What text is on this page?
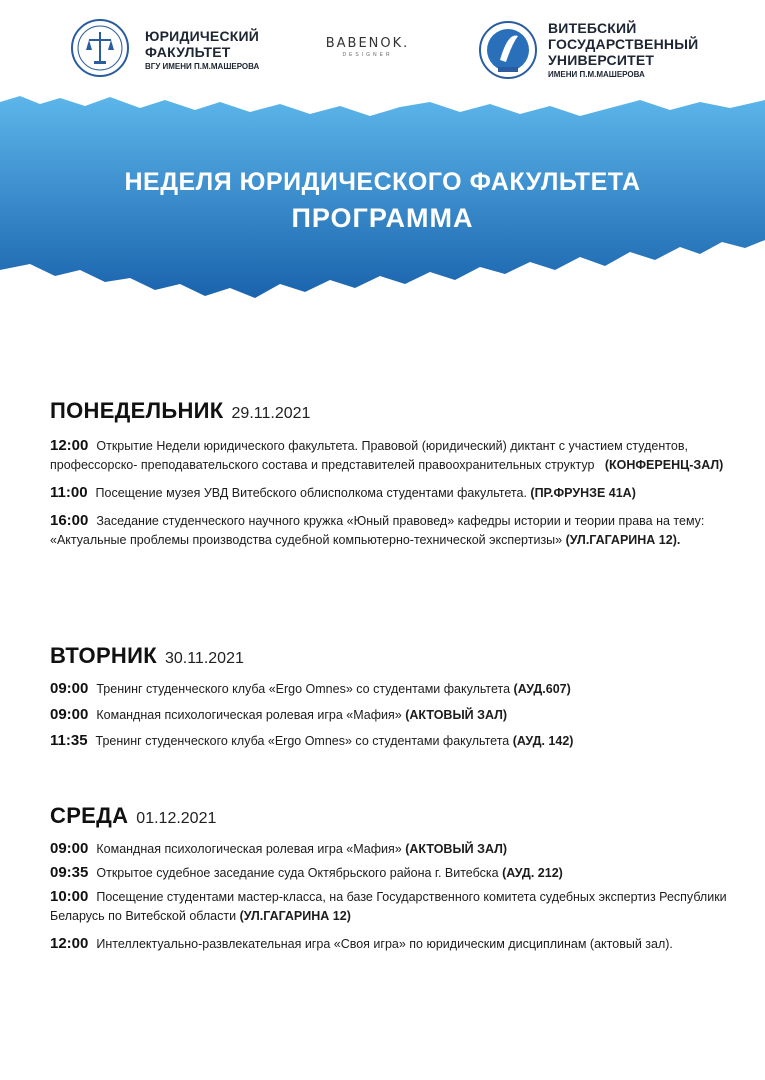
ЮРИДИЧЕСКИЙ
ФАКУЛЬТЕТ
ВГУ ИМЕНИ П.М.МАШЕРОВА
BABENOK.
DESIGNER
ВИТЕБСКИЙ
ГОСУДАРСТВЕННЫЙ
УНИВЕРСИТЕТ
ИМЕНИ П.М.МАШЕРОВА
НЕДЕЛЯ ЮРИДИЧЕСКОГО ФАКУЛЬТЕТА
ПРОГРАММА
ПОНЕДЕЛЬНИК 29.11.2021
12:00 Открытие Недели юридического факультета. Правовой (юридический) диктант с участием студентов, профессорско- преподавательского состава и представителей правоохранительных структур (КОНФЕРЕНЦ-ЗАЛ)
11:00 Посещение музея УВД Витебского облисполкома студентами факультета. (ПР.ФРУНЗЕ 41А)
16:00 Заседание студенческого научного кружка «Юный правовед» кафедры истории и теории права на тему: «Актуальные проблемы производства судебной компьютерно-технической экспертизы» (УЛ.ГАГАРИНА 12).
ВТОРНИК 30.11.2021
09:00 Тренинг студенческого клуба «Ergo Omnes» со студентами факультета (АУД.607)
09:00 Командная психологическая ролевая игра «Мафия» (АКТОВЫЙ ЗАЛ)
11:35 Тренинг студенческого клуба «Ergo Omnes» со студентами факультета (АУД. 142)
СРЕДА 01.12.2021
09:00 Командная психологическая ролевая игра «Мафия» (АКТОВЫЙ ЗАЛ)
09:35 Открытое судебное заседание суда Октябрьского района г. Витебска (АУД. 212)
10:00 Посещение студентами мастер-класса, на базе Государственного комитета судебных экспертиз Республики Беларусь по Витебской области (УЛ.ГАГАРИНА 12)
12:00 Интеллектуально-развлекательная игра «Своя игра» по юридическим дисциплинам (актовый зал).
